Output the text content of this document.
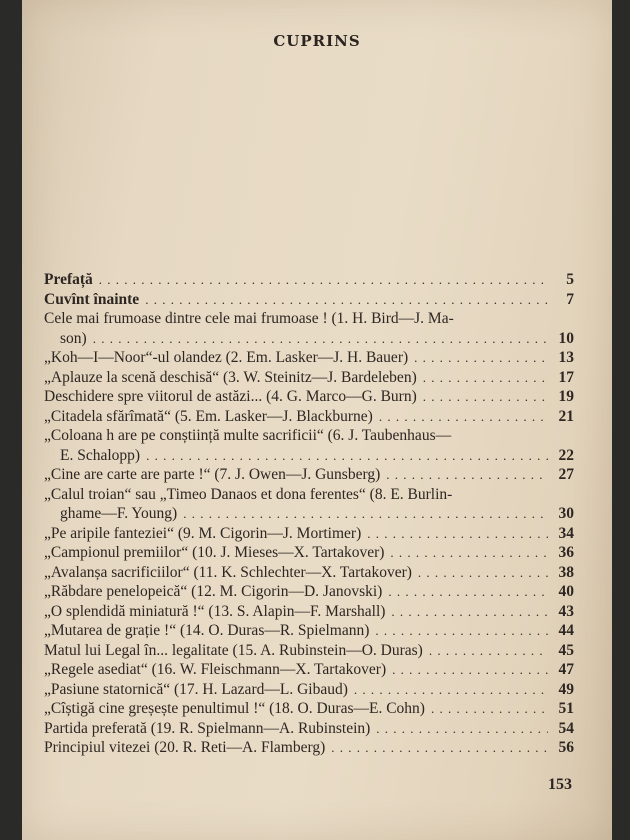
CUPRINS
Prefață . . .	5
Cuvînt înainte . . .	7
Cele mai frumoase dintre cele mai frumoase ! (1. H. Bird—J. Ma-
son) . . .	10
„Koh—I—Noor“-ul olandez (2. Em. Lasker—J. H. Bauer) . . .	13
„Aplauze la scenă deschisă“ (3. W. Steinitz—J. Bardeleben) . . .	17
Deschidere spre viitorul de astăzi... (4. G. Marco—G. Burn) . . .	19
„Citadela sfărîmată“ (5. Em. Lasker—J. Blackburne) . . .	21
„Coloana h are pe conștiință multe sacrificii“ (6. J. Taubenhaus—
E. Schalopp) . . .	22
„Cine are carte are parte !“ (7. J. Owen—J. Gunsberg) . . .	27
„Calul troian“ sau „Timeo Danaos et dona ferentes“ (8. E. Burlin-
ghame—F. Young) . . .	30
„Pe aripile fanteziei“ (9. M. Cigorin—J. Mortimer) . . .	34
„Campionul premiilor“ (10. J. Mieses—X. Tartakover) . . .	36
„Avalanșa sacrificiilor“ (11. K. Schlechter—X. Tartakover) . . .	38
„Răbdare penelopeică“ (12. M. Cigorin—D. Janovski) . . .	40
„O splendidă miniatură !“ (13. S. Alapin—F. Marshall) . . .	43
„Mutarea de grație !“ (14. O. Duras—R. Spielmann) . . .	44
Matul lui Legal în... legalitate (15. A. Rubinstein—O. Duras) . . .	45
„Regele asediat“ (16. W. Fleischmann—X. Tartakover) . . .	47
„Pasiune statornică“ (17. H. Lazard—L. Gibaud) . . .	49
„Cîștigă cine greșește penultimul !“ (18. O. Duras—E. Cohn) . . .	51
Partida preferată (19. R. Spielmann—A. Rubinstein) . . .	54
Principiul vitezei (20. R. Reti—A. Flamberg) . . .	56
153
